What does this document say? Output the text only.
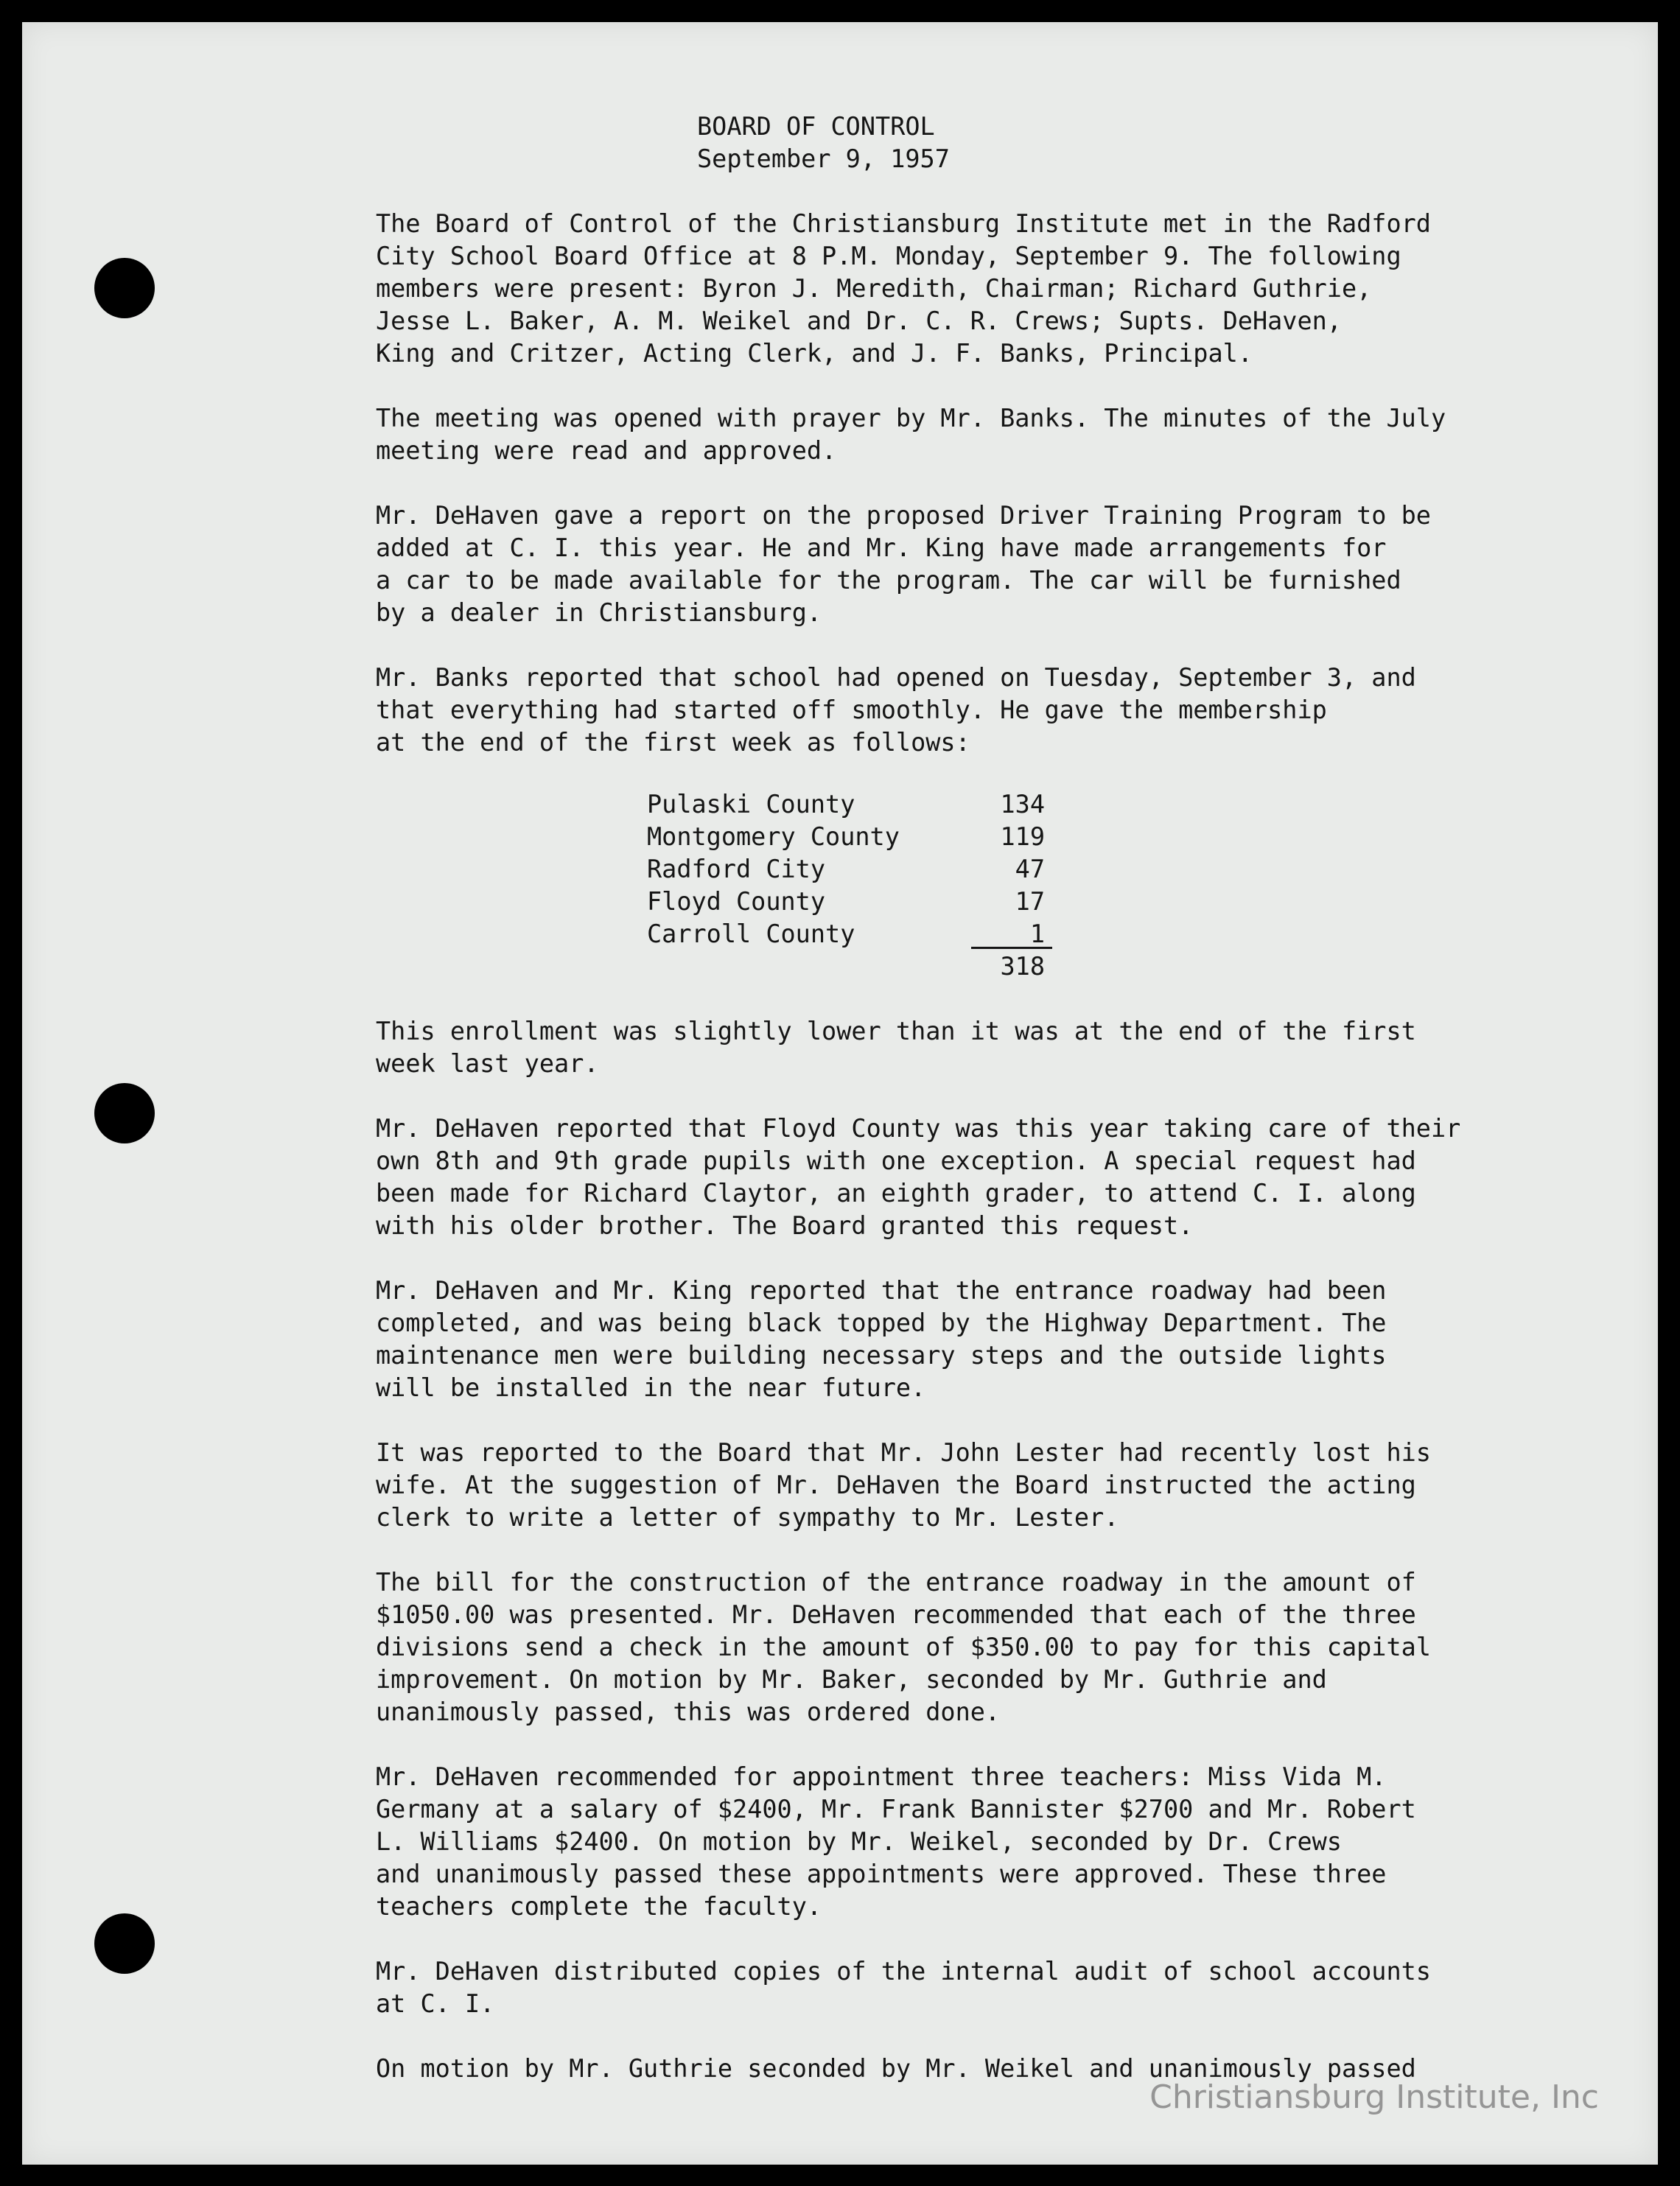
BOARD OF CONTROL
September 9, 1957
The Board of Control of the Christiansburg Institute met in the Radford
City School Board Office at 8 P.M. Monday, September 9. The following
members were present: Byron J. Meredith, Chairman; Richard Guthrie,
Jesse L. Baker, A. M. Weikel and Dr. C. R. Crews; Supts. DeHaven,
King and Critzer, Acting Clerk, and J. F. Banks, Principal.
The meeting was opened with prayer by Mr. Banks. The minutes of the July
meeting were read and approved.
Mr. DeHaven gave a report on the proposed Driver Training Program to be
added at C. I. this year. He and Mr. King have made arrangements for
a car to be made available for the program. The car will be furnished
by a dealer in Christiansburg.
Mr. Banks reported that school had opened on Tuesday, September 3, and
that everything had started off smoothly. He gave the membership
at the end of the first week as follows:
Pulaski County	134
Montgomery County	119
Radford City	47
Floyd County	17
Carroll County	1
318
This enrollment was slightly lower than it was at the end of the first
week last year.
Mr. DeHaven reported that Floyd County was this year taking care of their
own 8th and 9th grade pupils with one exception. A special request had
been made for Richard Claytor, an eighth grader, to attend C. I. along
with his older brother. The Board granted this request.
Mr. DeHaven and Mr. King reported that the entrance roadway had been
completed, and was being black topped by the Highway Department. The
maintenance men were building necessary steps and the outside lights
will be installed in the near future.
It was reported to the Board that Mr. John Lester had recently lost his
wife. At the suggestion of Mr. DeHaven the Board instructed the acting
clerk to write a letter of sympathy to Mr. Lester.
The bill for the construction of the entrance roadway in the amount of
$1050.00 was presented. Mr. DeHaven recommended that each of the three
divisions send a check in the amount of $350.00 to pay for this capital
improvement. On motion by Mr. Baker, seconded by Mr. Guthrie and
unanimously passed, this was ordered done.
Mr. DeHaven recommended for appointment three teachers: Miss Vida M.
Germany at a salary of $2400, Mr. Frank Bannister $2700 and Mr. Robert
L. Williams $2400. On motion by Mr. Weikel, seconded by Dr. Crews
and unanimously passed these appointments were approved. These three
teachers complete the faculty.
Mr. DeHaven distributed copies of the internal audit of school accounts
at C. I.
On motion by Mr. Guthrie seconded by Mr. Weikel and unanimously passed
Christiansburg Institute, Inc
